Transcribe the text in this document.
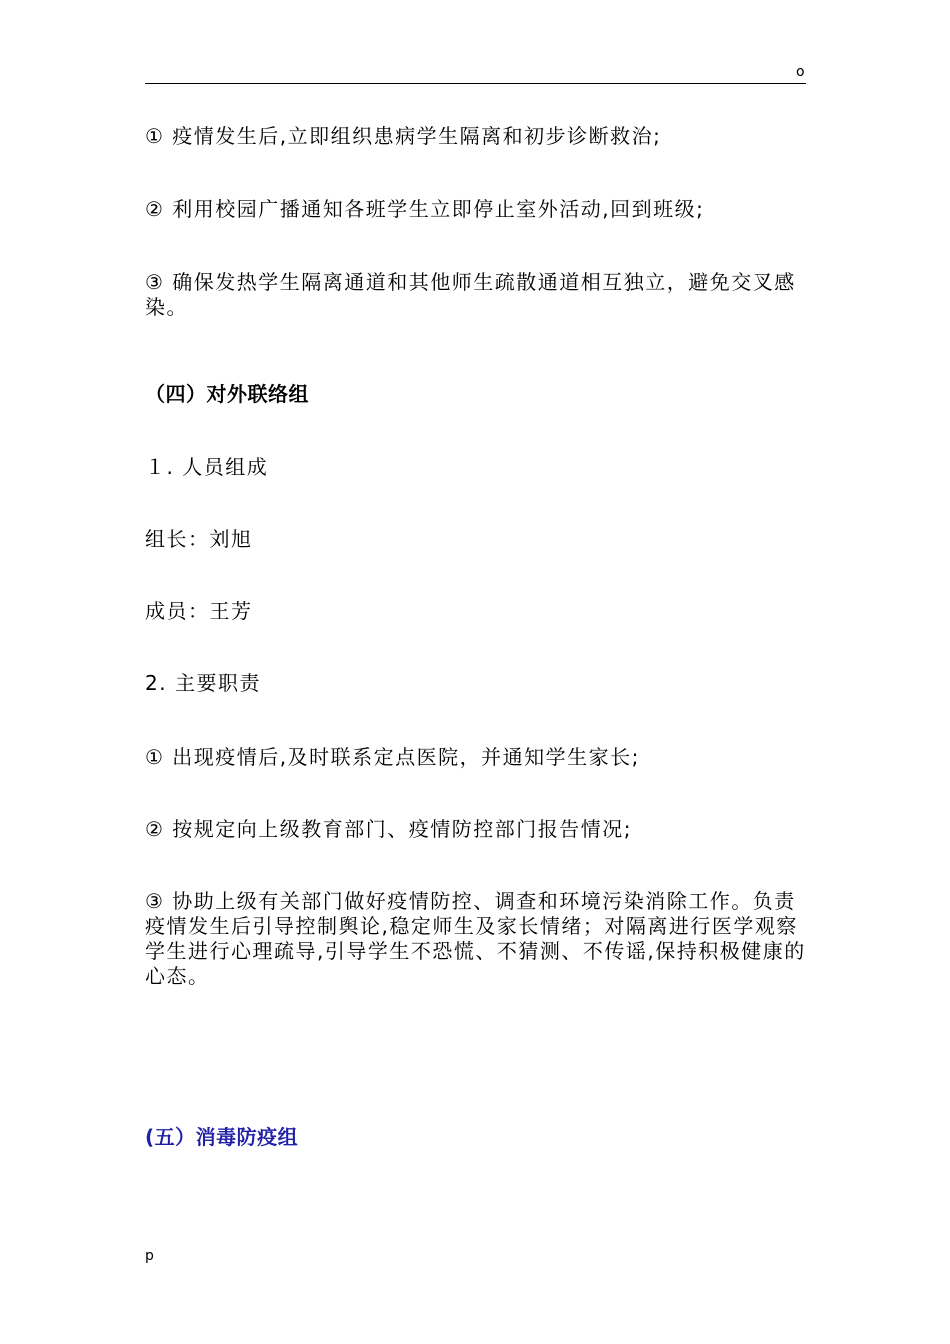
o
① 疫情发生后,立即组织患病学生隔离和初步诊断救治;
② 利用校园广播通知各班学生立即停止室外活动,回到班级;
③ 确保发热学生隔离通道和其他师生疏散通道相互独立，避免交叉感染。
（四）对外联络组
１. 人员组成
组长：刘旭
成员：王芳
2. 主要职责
① 出现疫情后,及时联系定点医院，并通知学生家长;
② 按规定向上级教育部门、疫情防控部门报告情况;
③ 协助上级有关部门做好疫情防控、调查和环境污染消除工作。负责疫情发生后引导控制舆论,稳定师生及家长情绪；对隔离进行医学观察学生进行心理疏导,引导学生不恐慌、不猜测、不传谣,保持积极健康的心态。
(五）消毒防疫组
p
